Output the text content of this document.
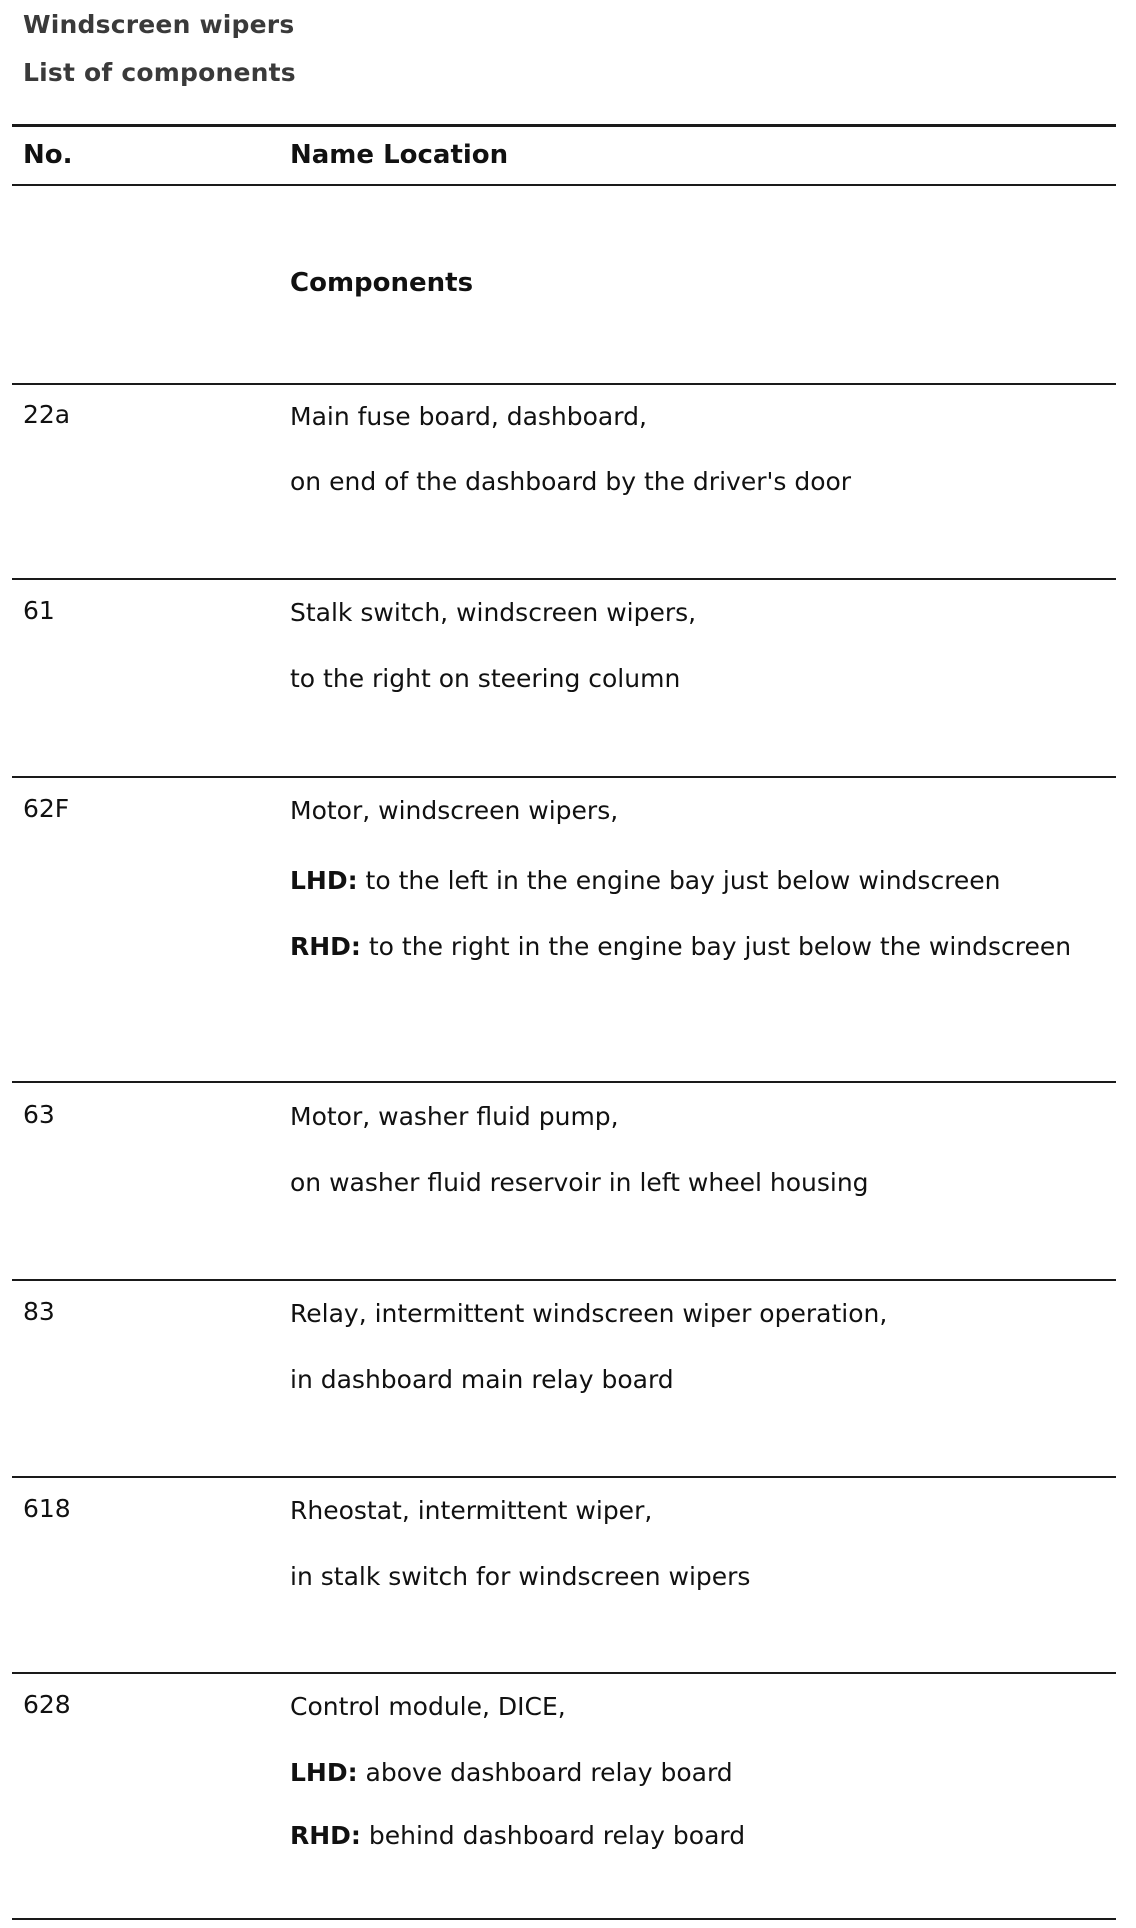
Windscreen wipers
List of components
No.	Name Location
Components
22a	Main fuse board, dashboard,
on end of the dashboard by the driver's door
61	Stalk switch, windscreen wipers,
to the right on steering column
62F	Motor, windscreen wipers,
LHD: to the left in the engine bay just below windscreen
RHD: to the right in the engine bay just below the windscreen
63	Motor, washer fluid pump,
on washer fluid reservoir in left wheel housing
83	Relay, intermittent windscreen wiper operation,
in dashboard main relay board
618	Rheostat, intermittent wiper,
in stalk switch for windscreen wipers
628	Control module, DICE,
LHD: above dashboard relay board
RHD: behind dashboard relay board
